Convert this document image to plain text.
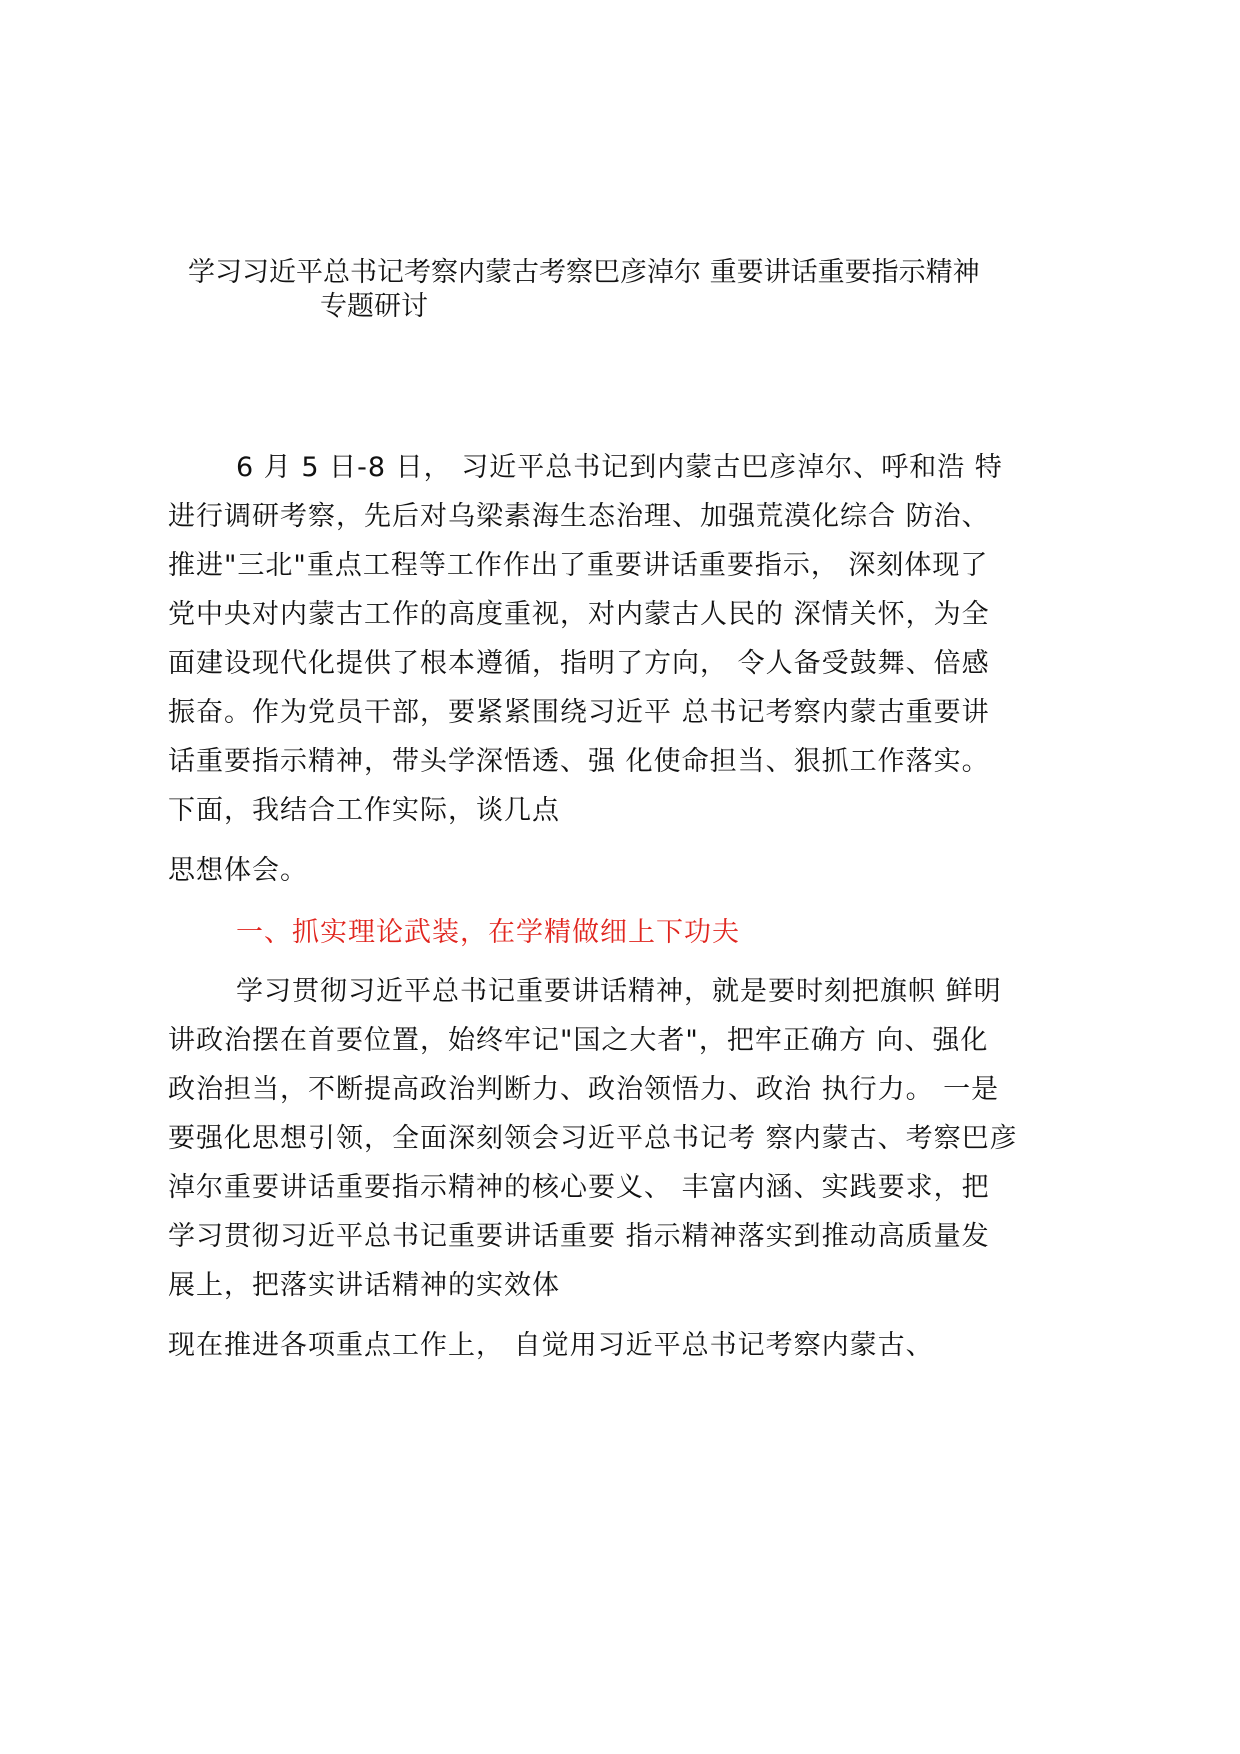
学习习近平总书记考察内蒙古考察巴彦淖尔 重要讲话重要指示精神
专题研讨
6 月 5 日-8 日， 习近平总书记到内蒙古巴彦淖尔、呼和浩 特
进行调研考察，先后对乌梁素海生态治理、加强荒漠化综合 防治、
推进"三北"重点工程等工作作出了重要讲话重要指示， 深刻体现了
党中央对内蒙古工作的高度重视，对内蒙古人民的 深情关怀，为全
面建设现代化提供了根本遵循，指明了方向， 令人备受鼓舞、倍感
振奋。作为党员干部，要紧紧围绕习近平 总书记考察内蒙古重要讲
话重要指示精神，带头学深悟透、强 化使命担当、狠抓工作落实。
下面，我结合工作实际，谈几点
思想体会。
一、抓实理论武装，在学精做细上下功夫
学习贯彻习近平总书记重要讲话精神，就是要时刻把旗帜 鲜明
讲政治摆在首要位置，始终牢记"国之大者"，把牢正确方 向、强化
政治担当，不断提高政治判断力、政治领悟力、政治 执行力。 一是
要强化思想引领，全面深刻领会习近平总书记考 察内蒙古、考察巴彦
淖尔重要讲话重要指示精神的核心要义、 丰富内涵、实践要求，把
学习贯彻习近平总书记重要讲话重要 指示精神落实到推动高质量发
展上，把落实讲话精神的实效体
现在推进各项重点工作上， 自觉用习近平总书记考察内蒙古、
